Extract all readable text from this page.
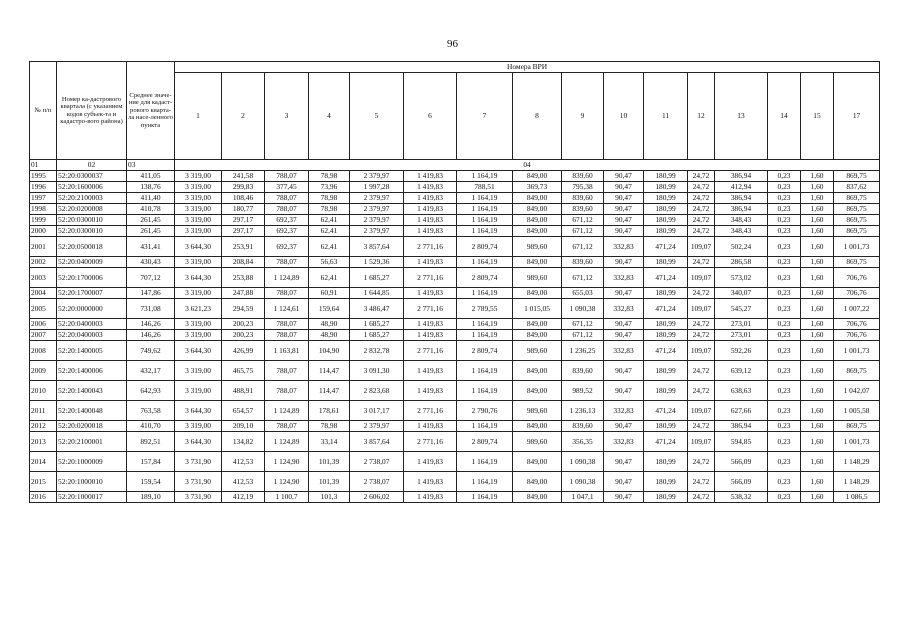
96
№ п/п	Номер ка-дастрового квартала (с указанием кодов субъек-та и кадастро-вого района)	Среднее значе-ние для кадаст-рового кварта-ла насе-ленного пункта	Номера ВРИ															
			1	2	3	4	5	6	7	8	9	10	11	12	13	14	15	17
01	02	03	04															
1995	52:20:0300037	411,05	3 319,00	241,58	788,07	78,98	2 379,97	1 419,83	1 164,19	849,00	839,60	90,47	180,99	24,72	386,94	0,23	1,60	869,75
1996	52:20:1600006	138,76	3 319,00	299,83	377,45	73,96	1 997,28	1 419,83	788,51	369,73	795,38	90,47	180,99	24,72	412,94	0,23	1,60	837,62
1997	52:20:2100003	411,40	3 319,00	108,46	788,07	78,98	2 379,97	1 419,83	1 164,19	849,00	839,60	90,47	180,99	24,72	386,94	0,23	1,60	869,75
1998	52:20:0200008	410,78	3 319,00	180,77	788,07	78,98	2 379,97	1 419,83	1 164,19	849,00	839,60	90,47	180,99	24,72	386,94	0,23	1,60	869,75
1999	52:20:0300010	261,45	3 319,00	297,17	692,37	62,41	2 379,97	1 419,83	1 164,19	849,00	671,12	90,47	180,99	24,72	348,43	0,23	1,60	869,75
2000	52:20:0300010	261,45	3 319,00	297,17	692,37	62,41	2 379,97	1 419,83	1 164,19	849,00	671,12	90,47	180,99	24,72	348,43	0,23	1,60	869,75
2001	52:20:0500018	431,41	3 644,30	253,91	692,37	62,41	3 857,64	2 771,16	2 809,74	989,60	671,12	332,83	471,24	109,07	502,24	0,23	1,60	1 001,73
2002	52:20:0400009	430,43	3 319,00	208,84	788,07	56,63	1 529,36	1 419,83	1 164,19	849,00	839,60	90,47	180,99	24,72	286,58	0,23	1,60	869,75
2003	52:20:1700006	707,12	3 644,30	253,88	1 124,89	62,41	1 685,27	2 771,16	2 809,74	989,60	671,12	332,83	471,24	109,07	573,02	0,23	1,60	706,76
2004	52:20:1700007	147,86	3 319,00	247,88	788,07	60,91	1 644,85	1 419,83	1 164,19	849,00	655,03	90,47	180,99	24,72	340,07	0,23	1,60	706,76
2005	52:20:0000000	731,08	3 621,23	294,59	1 124,61	159,64	3 486,47	2 771,16	2 789,55	1 015,05	1 090,38	332,83	471,24	109,07	545,27	0,23	1,60	1 007,22
2006	52:20:0400003	146,26	3 319,00	200,23	788,07	48,90	1 685,27	1 419,83	1 164,19	849,00	671,12	90,47	180,99	24,72	273,01	0,23	1,60	706,76
2007	52:20:0400003	146,26	3 319,00	200,23	788,07	48,90	1 685,27	1 419,83	1 164,19	849,00	671,12	90,47	180,99	24,72	273,01	0,23	1,60	706,76
2008	52:20:1400005	749,62	3 644,30	426,99	1 163,81	104,90	2 832,78	2 771,16	2 809,74	989,60	1 236,25	332,83	471,24	109,07	592,26	0,23	1,60	1 001,73
2009	52:20:1400006	432,17	3 319,00	465,75	788,07	114,47	3 091,30	1 419,83	1 164,19	849,00	839,60	90,47	180,99	24,72	639,12	0,23	1,60	869,75
2010	52:20:1400043	642,93	3 319,00	488,91	788,07	114,47	2 823,68	1 419,83	1 164,19	849,00	989,52	90,47	180,99	24,72	638,63	0,23	1,60	1 042,07
2011	52:20:1400048	763,58	3 644,30	654,57	1 124,89	178,61	3 017,17	2 771,16	2 790,76	989,60	1 236,13	332,83	471,24	109,07	627,66	0,23	1,60	1 005,58
2012	52:20:0200018	410,70	3 319,00	209,10	788,07	78,98	2 379,97	1 419,83	1 164,19	849,00	839,60	90,47	180,99	24,72	386,94	0,23	1,60	869,75
2013	52:20:2100001	892,51	3 644,30	134,82	1 124,89	33,14	3 857,64	2 771,16	2 809,74	989,60	356,35	332,83	471,24	109,07	594,85	0,23	1,60	1 001,73
2014	52:20:1000009	157,84	3 731,90	412,53	1 124,90	101,39	2 738,07	1 419,83	1 164,19	849,00	1 090,38	90,47	180,99	24,72	566,09	0,23	1,60	1 148,29
2015	52:20:1000010	159,54	3 731,90	412,53	1 124,90	101,39	2 738,07	1 419,83	1 164,19	849,00	1 090,38	90,47	180,99	24,72	566,09	0,23	1,60	1 148,29
2016	52:20:1000017	189,10	3 731,90	412,19	1 100,7	101,3	2 606,02	1 419,83	1 164,19	849,00	1 047,1	90,47	180,99	24,72	538,32	0,23	1,60	1 086,5
